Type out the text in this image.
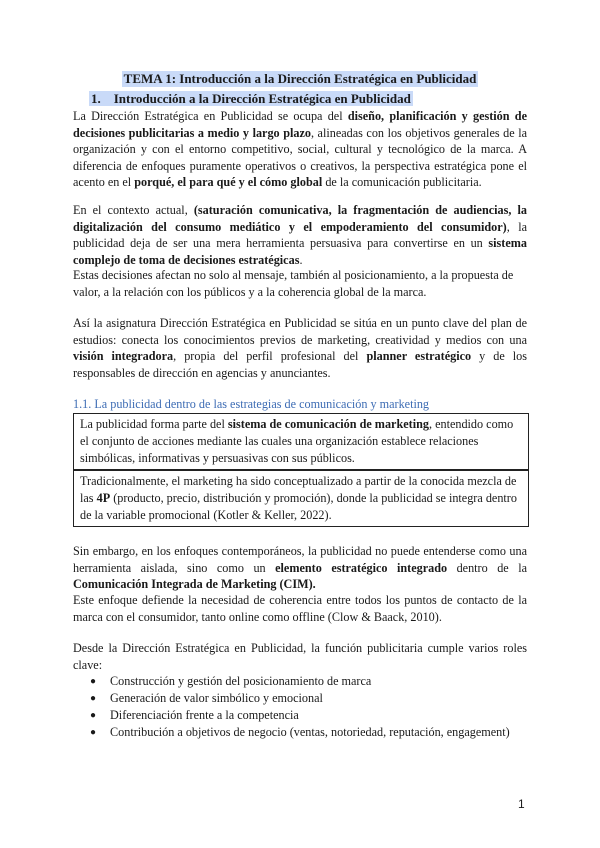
TEMA 1: Introducción a la Dirección Estratégica en Publicidad
1. Introducción a la Dirección Estratégica en Publicidad

La Dirección Estratégica en Publicidad se ocupa del diseño, planificación y gestión de decisiones publicitarias a medio y largo plazo, alineadas con los objetivos generales de la organización y con el entorno competitivo, social, cultural y tecnológico de la marca. A diferencia de enfoques puramente operativos o creativos, la perspectiva estratégica pone el acento en el porqué, el para qué y el cómo global de la comunicación publicitaria.

En el contexto actual, (saturación comunicativa, la fragmentación de audiencias, la digitalización del consumo mediático y el empoderamiento del consumidor), la publicidad deja de ser una mera herramienta persuasiva para convertirse en un sistema complejo de toma de decisiones estratégicas.

Estas decisiones afectan no solo al mensaje, también al posicionamiento, a la propuesta de valor, a la relación con los públicos y a la coherencia global de la marca.

Así la asignatura Dirección Estratégica en Publicidad se sitúa en un punto clave del plan de estudios: conecta los conocimientos previos de marketing, creatividad y medios con una visión integradora, propia del perfil profesional del planner estratégico y de los responsables de dirección en agencias y anunciantes.

1.1. La publicidad dentro de las estrategias de comunicación y marketing
La publicidad forma parte del sistema de comunicación de marketing, entendido como el conjunto de acciones mediante las cuales una organización establece relaciones simbólicas, informativas y persuasivas con sus públicos.
Tradicionalmente, el marketing ha sido conceptualizado a partir de la conocida mezcla de las 4P (producto, precio, distribución y promoción), donde la publicidad se integra dentro de la variable promocional (Kotler & Keller, 2022).

Sin embargo, en los enfoques contemporáneos, la publicidad no puede entenderse como una herramienta aislada, sino como un elemento estratégico integrado dentro de la Comunicación Integrada de Marketing (CIM).

Este enfoque defiende la necesidad de coherencia entre todos los puntos de contacto de la marca con el consumidor, tanto online como offline (Clow & Baack, 2010).

Desde la Dirección Estratégica en Publicidad, la función publicitaria cumple varios roles clave:

● Construcción y gestión del posicionamiento de marca
● Generación de valor simbólico y emocional
● Diferenciación frente a la competencia
● Contribución a objetivos de negocio (ventas, notoriedad, reputación, engagement)
1
